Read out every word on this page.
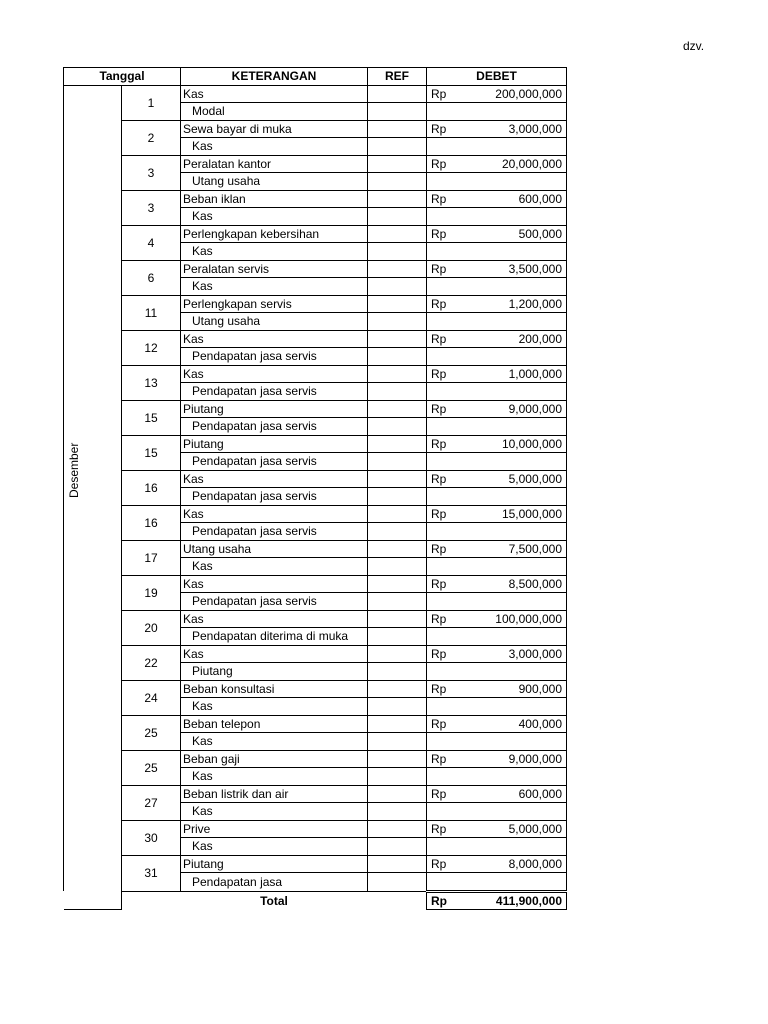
dzv.
Tanggal		KETERANGAN	REF	DEBET	

Desember	1	Kas		Rp	200,000,000
		Modal			
	2	Sewa bayar di muka		Rp	3,000,000
		Kas			
	3	Peralatan kantor		Rp	20,000,000
		Utang usaha			
	3	Beban iklan		Rp	600,000
		Kas			
	4	Perlengkapan kebersihan		Rp	500,000
		Kas			
	6	Peralatan servis		Rp	3,500,000
		Kas			
	11	Perlengkapan servis		Rp	1,200,000
		Utang usaha			
	12	Kas		Rp	200,000
		Pendapatan jasa servis			
	13	Kas		Rp	1,000,000
		Pendapatan jasa servis			
	15	Piutang		Rp	9,000,000
		Pendapatan jasa servis			
	15	Piutang		Rp	10,000,000
		Pendapatan jasa servis			
	16	Kas		Rp	5,000,000
		Pendapatan jasa servis			
	16	Kas		Rp	15,000,000
		Pendapatan jasa servis			
	17	Utang usaha		Rp	7,500,000
		Kas			
	19	Kas		Rp	8,500,000
		Pendapatan jasa servis			
	20	Kas		Rp	100,000,000
		Pendapatan diterima di muka			
	22	Kas		Rp	3,000,000
		Piutang			
	24	Beban konsultasi		Rp	900,000
		Kas			
	25	Beban telepon		Rp	400,000
		Kas			
	25	Beban gaji		Rp	9,000,000
		Kas			
	27	Beban listrik dan air		Rp	600,000
		Kas			
	30	Prive		Rp	5,000,000
		Kas			
	31	Piutang		Rp	8,000,000
		Pendapatan jasa			
	Total			Rp	411,900,000
